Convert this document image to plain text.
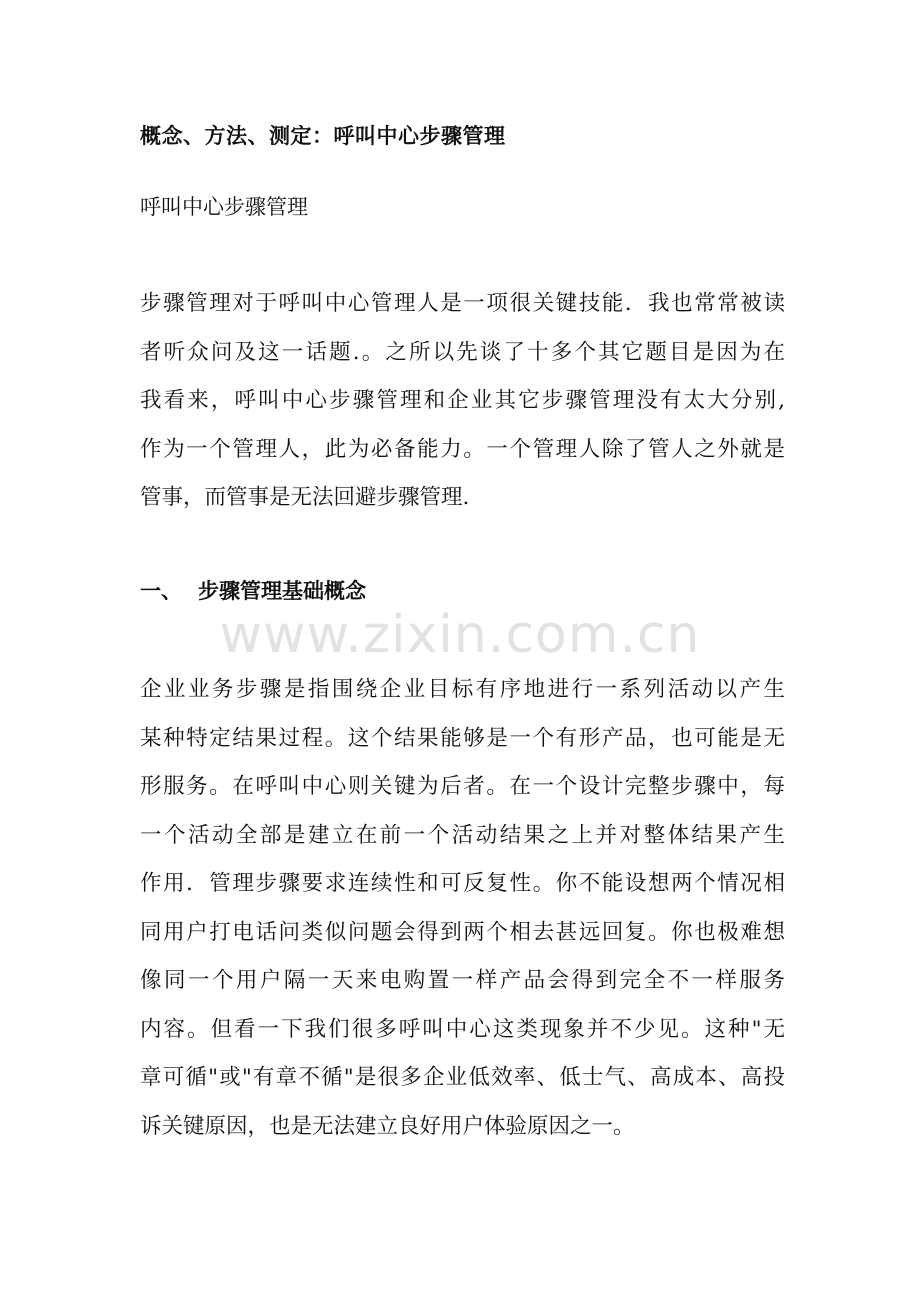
概念、方法、测定：呼叫中心步骤管理

呼叫中心步骤管理

步骤管理对于呼叫中心管理人是一项很关键技能．我也常常被读
者听众问及这一话题.。之所以先谈了十多个其它题目是因为在
我看来，呼叫中心步骤管理和企业其它步骤管理没有太大分别,
作为一个管理人，此为必备能力。一个管理人除了管人之外就是
管事，而管事是无法回避步骤管理.
一、 步骤管理基础概念
www.zixin.com.cn
企业业务步骤是指围绕企业目标有序地进行一系列活动以产生
某种特定结果过程。这个结果能够是一个有形产品，也可能是无
形服务。在呼叫中心则关键为后者。在一个设计完整步骤中，每
一个活动全部是建立在前一个活动结果之上并对整体结果产生
作用．管理步骤要求连续性和可反复性。你不能设想两个情况相
同用户打电话问类似问题会得到两个相去甚远回复。你也极难想
像同一个用户隔一天来电购置一样产品会得到完全不一样服务
内容。但看一下我们很多呼叫中心这类现象并不少见。这种"无
章可循"或"有章不循"是很多企业低效率、低士气、高成本、高投
诉关键原因，也是无法建立良好用户体验原因之一。
